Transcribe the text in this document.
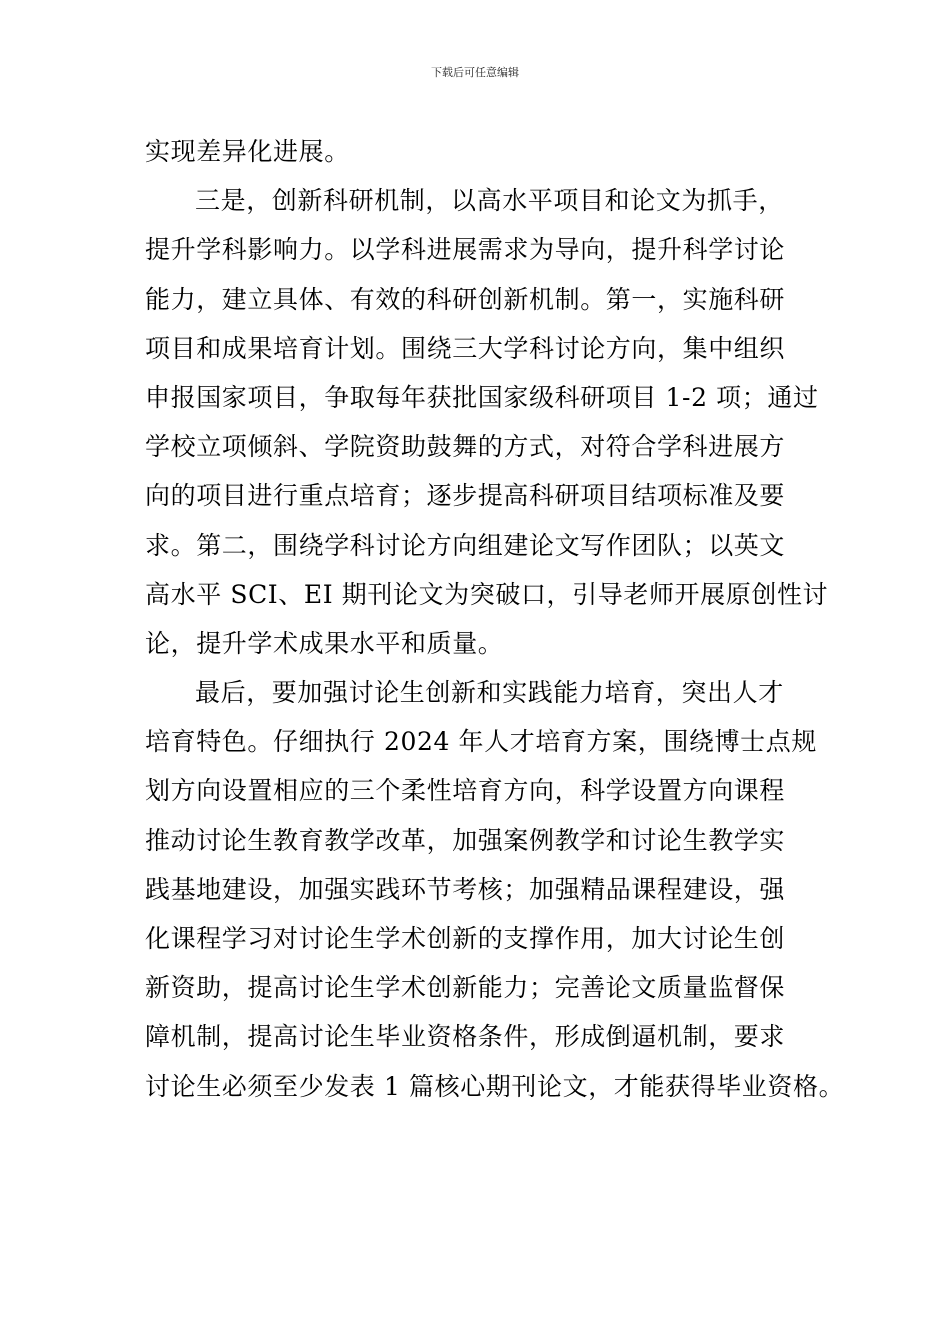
下载后可任意编辑
实现差异化进展。
三是，创新科研机制，以高水平项目和论文为抓手，
提升学科影响力。以学科进展需求为导向，提升科学讨论
能力，建立具体、有效的科研创新机制。第一，实施科研
项目和成果培育计划。围绕三大学科讨论方向，集中组织
申报国家项目，争取每年获批国家级科研项目 1-2 项；通过
学校立项倾斜、学院资助鼓舞的方式，对符合学科进展方
向的项目进行重点培育；逐步提高科研项目结项标准及要
求。第二，围绕学科讨论方向组建论文写作团队；以英文
高水平 SCI、EI 期刊论文为突破口，引导老师开展原创性讨
论，提升学术成果水平和质量。
最后，要加强讨论生创新和实践能力培育，突出人才
培育特色。仔细执行 2024 年人才培育方案，围绕博士点规
划方向设置相应的三个柔性培育方向，科学设置方向课程
推动讨论生教育教学改革，加强案例教学和讨论生教学实
践基地建设，加强实践环节考核；加强精品课程建设，强
化课程学习对讨论生学术创新的支撑作用，加大讨论生创
新资助，提高讨论生学术创新能力；完善论文质量监督保
障机制，提高讨论生毕业资格条件，形成倒逼机制，要求
讨论生必须至少发表 1 篇核心期刊论文，才能获得毕业资格。
